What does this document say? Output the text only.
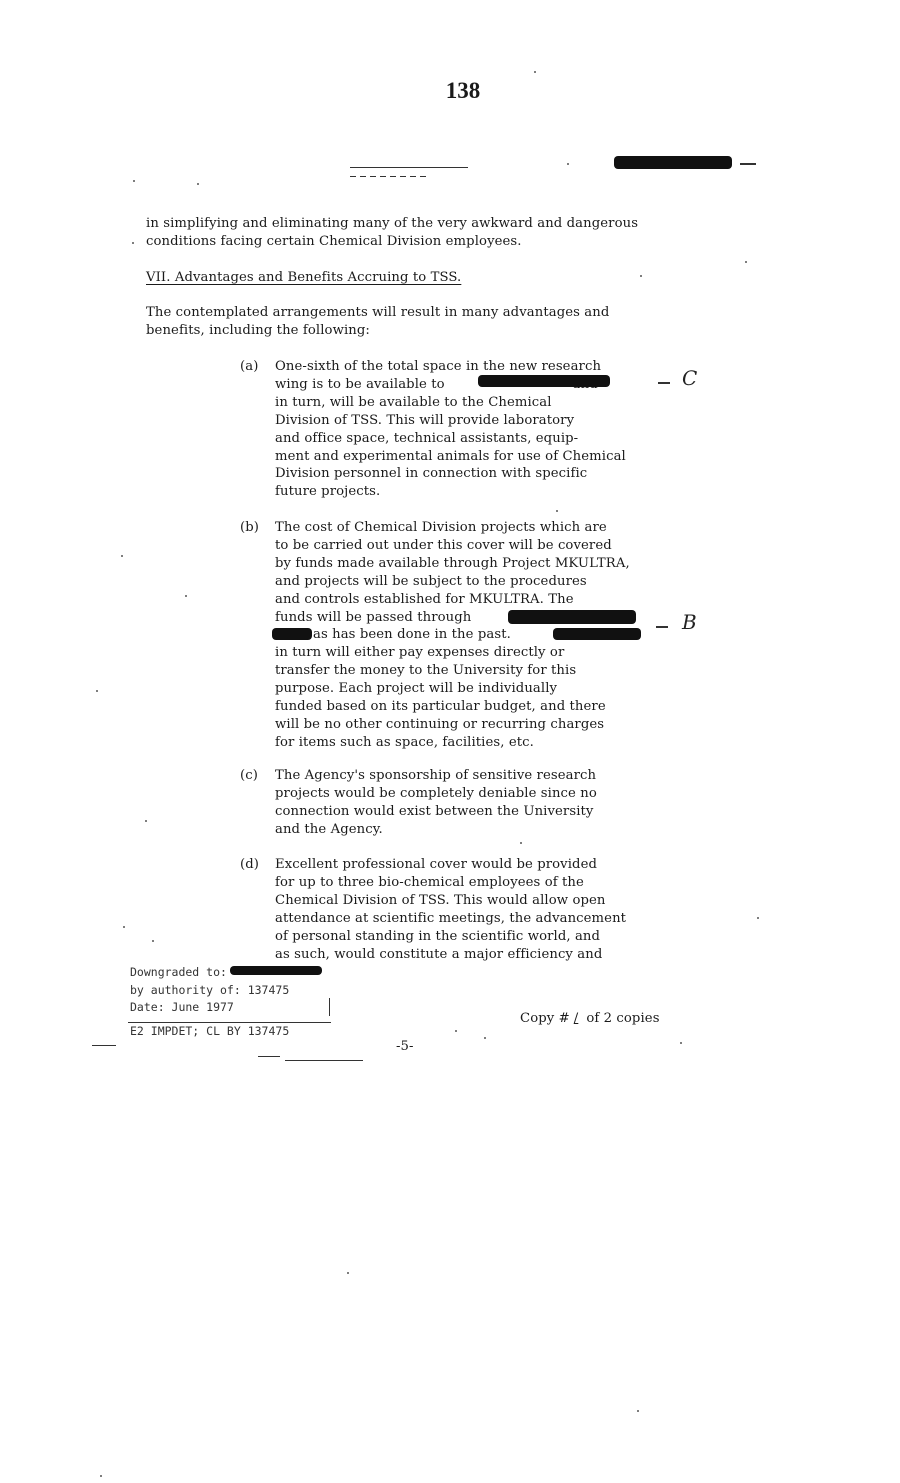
138
in simplifying and eliminating many of the very awkward and dangerous
conditions facing certain Chemical Division employees.
VII. Advantages and Benefits Accruing to TSS.
The contemplated arrangements will result in many advantages and
benefits, including the following:
(a)	One-sixth of the total space in the new research
wing is to be available to
in turn, will be available to the Chemical
Division of TSS. This will provide laboratory
and office space, technical assistants, equip-
ment and experimental animals for use of Chemical
Division personnel in connection with specific
future projects.
C
(b)	The cost of Chemical Division projects which are
to be carried out under this cover will be covered
by funds made available through Project MKULTRA,
and projects will be subject to the procedures
and controls established for MKULTRA. The
funds will be passed through
as has been done in the past.
in turn will either pay expenses directly or
transfer the money to the University for this
purpose. Each project will be individually
funded based on its particular budget, and there
will be no other continuing or recurring charges
for items such as space, facilities, etc.
B
(c)	The Agency's sponsorship of sensitive research
projects would be completely deniable since no
connection would exist between the University
and the Agency.
(d)	Excellent professional cover would be provided
for up to three bio-chemical employees of the
Chemical Division of TSS. This would allow open
attendance at scientific meetings, the advancement
of personal standing in the scientific world, and
as such, would constitute a major efficiency and
Downgraded to:
by authority of: 137475
Date: June 1977
E2 IMPDET; CL BY 137475
-5-
Copy # / of 2 copies
